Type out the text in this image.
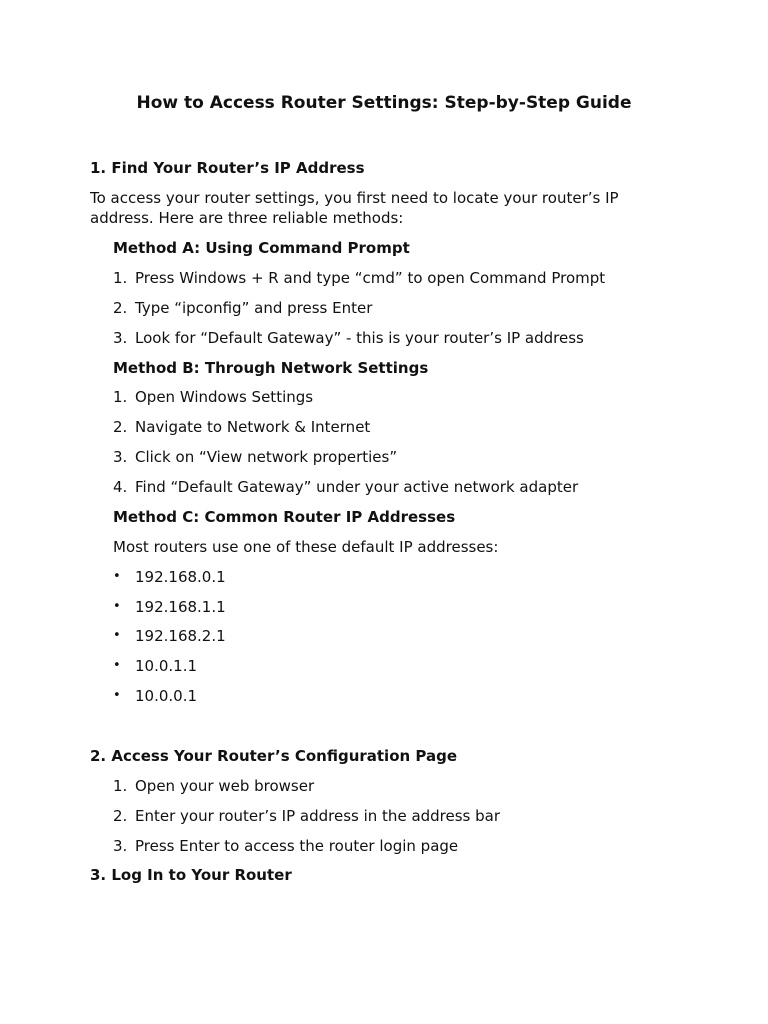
How to Access Router Settings: Step-by-Step Guide
1. Find Your Router’s IP Address

To access your router settings, you first need to locate your router’s IP address. Here are three reliable methods:

Method A: Using Command Prompt
1. Press Windows + R and type “cmd” to open Command Prompt
2. Type “ipconfig” and press Enter
3. Look for “Default Gateway” - this is your router’s IP address
Method B: Through Network Settings
1. Open Windows Settings
2. Navigate to Network & Internet
3. Click on “View network properties”
4. Find “Default Gateway” under your active network adapter
Method C: Common Router IP Addresses

Most routers use one of these default IP addresses:

• 192.168.0.1
• 192.168.1.1
• 192.168.2.1
• 10.0.1.1
• 10.0.0.1
2. Access Your Router’s Configuration Page
1. Open your web browser
2. Enter your router’s IP address in the address bar
3. Press Enter to access the router login page
3. Log In to Your Router
